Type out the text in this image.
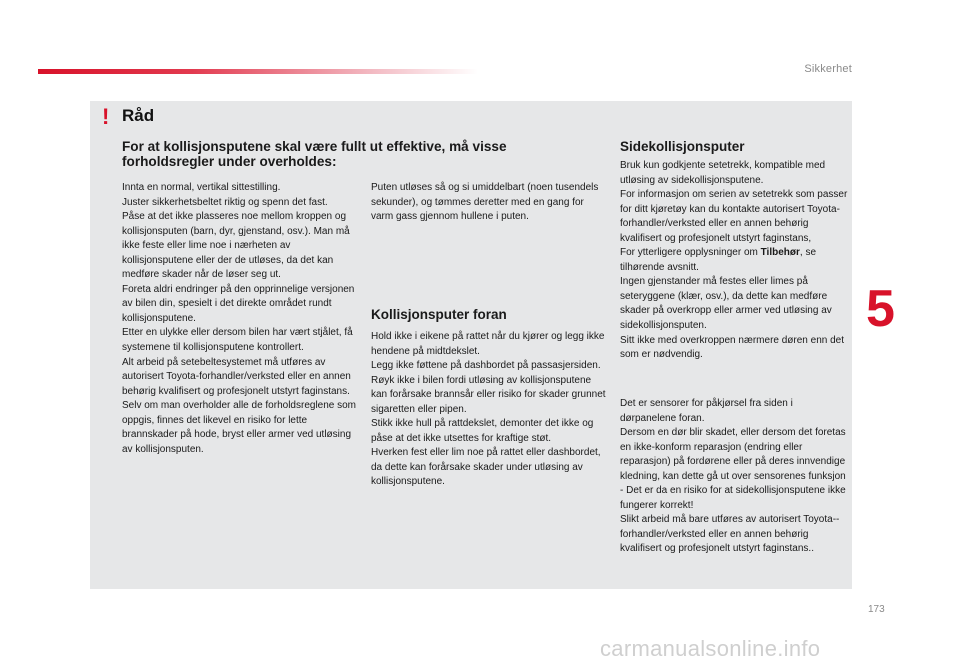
Sikkerhet
5
173
carmanualsonline.info
! Råd
For at kollisjonsputene skal være fullt ut effektive, må visse forholdsregler under overholdes:
Innta en normal, vertikal sittestilling.
Juster sikkerhetsbeltet riktig og spenn det fast.
Påse at det ikke plasseres noe mellom kroppen og kollisjonsputen (barn, dyr, gjenstand, osv.). Man må ikke feste eller lime noe i nærheten av kollisjonsputene eller der de utløses, da det kan medføre skader når de løser seg ut.
Foreta aldri endringer på den opprinnelige versjonen av bilen din, spesielt i det direkte området rundt kollisjonsputene.
Etter en ulykke eller dersom bilen har vært stjålet, få systemene til kollisjonsputene kontrollert.
Alt arbeid på setebeltesystemet må utføres av autorisert Toyota-forhandler/verksted eller en annen behørig kvalifisert og profesjonelt utstyrt faginstans.
Selv om man overholder alle de forholdsreglene som oppgis, finnes det likevel en risiko for lette brannskader på hode, bryst eller armer ved utløsing av kollisjonsputen.
Puten utløses så og si umiddelbart (noen tusendels sekunder), og tømmes deretter med en gang for varm gass gjennom hullene i puten.
Kollisjonsputer foran
Hold ikke i eikene på rattet når du kjører og legg ikke hendene på midtdekslet.
Legg ikke føttene på dashbordet på passasjersiden.
Røyk ikke i bilen fordi utløsing av kollisjonsputene kan forårsake brannsår eller risiko for skader grunnet sigaretten eller pipen.
Stikk ikke hull på rattdekslet, demonter det ikke og påse at det ikke utsettes for kraftige støt.
Hverken fest eller lim noe på rattet eller dashbordet, da dette kan forårsake skader under utløsing av kollisjonsputene.
Sidekollisjonsputer
Bruk kun godkjente setetrekk, kompatible med utløsing av sidekollisjonsputene.
For informasjon om serien av setetrekk som passer for ditt kjøretøy kan du kontakte autorisert Toyota-forhandler/verksted eller en annen behørig kvalifisert og profesjonelt utstyrt faginstans,
For ytterligere opplysninger om Tilbehør, se tilhørende avsnitt.
Ingen gjenstander må festes eller limes på seteryggene (klær, osv.), da dette kan medføre skader på overkropp eller armer ved utløsing av sidekollisjonsputen.
Sitt ikke med overkroppen nærmere døren enn det som er nødvendig.
Det er sensorer for påkjørsel fra siden i dørpanelene foran.
Dersom en dør blir skadet, eller dersom det foretas en ikke-konform reparasjon (endring eller reparasjon) på fordørene eller på deres innvendige kledning, kan dette gå ut over sensorenes funksjon - Det er da en risiko for at sidekollisjonsputene ikke fungerer korrekt!
Slikt arbeid må bare utføres av autorisert Toyota--forhandler/verksted eller en annen behørig kvalifisert og profesjonelt utstyrt faginstans..
